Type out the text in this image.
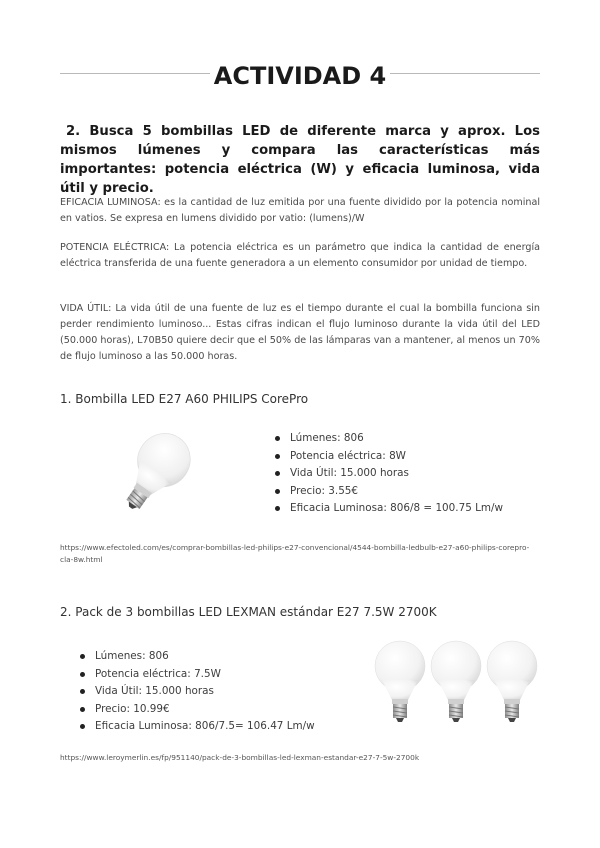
ACTIVIDAD 4

2. Busca 5 bombillas LED de diferente marca y aprox. Los mismos lúmenes y compara las características más importantes: potencia eléctrica (W) y eficacia luminosa, vida útil y precio.

EFICACIA LUMINOSA: es la cantidad de luz emitida por una fuente dividido por la potencia nominal en vatios. Se expresa en lumens dividido por vatio: (lumens)/W

POTENCIA ELÉCTRICA: La potencia eléctrica es un parámetro que indica la cantidad de energía eléctrica transferida de una fuente generadora a un elemento consumidor por unidad de tiempo.

VIDA ÚTIL: La vida útil de una fuente de luz es el tiempo durante el cual la bombilla funciona sin perder rendimiento luminoso... Estas cifras indican el flujo luminoso durante la vida útil del LED (50.000 horas), L70B50 quiere decir que el 50% de las lámparas van a mantener, al menos un 70% de flujo luminoso a las 50.000 horas.

1. Bombilla LED E27 A60 PHILIPS CorePro

Lúmenes: 806
Potencia eléctrica: 8W
Vida Útil: 15.000 horas
Precio: 3.55€
Eficacia Luminosa: 806/8 = 100.75 Lm/w

https://www.efectoled.com/es/comprar-bombillas-led-philips-e27-convencional/4544-bombilla-ledbulb-e27-a60-philips-corepro-cla-8w.html

2. Pack de 3 bombillas LED LEXMAN estándar E27 7.5W 2700K

Lúmenes: 806
Potencia eléctrica: 7.5W
Vida Útil: 15.000 horas
Precio: 10.99€
Eficacia Luminosa: 806/7.5= 106.47 Lm/w

https://www.leroymerlin.es/fp/951140/pack-de-3-bombillas-led-lexman-estandar-e27-7-5w-2700k
